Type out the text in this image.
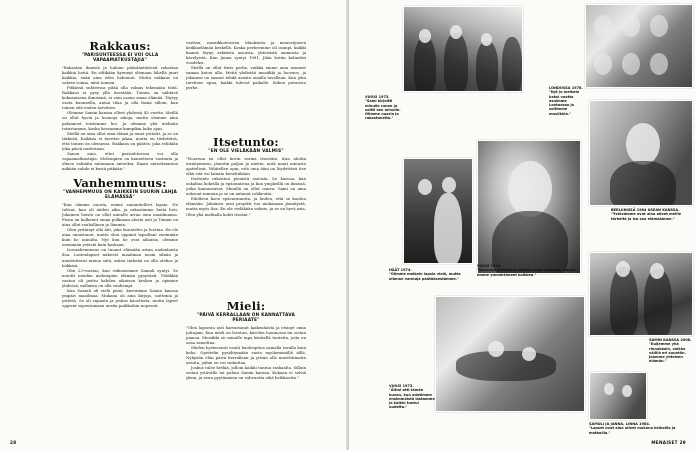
Rakkaus:
"PARISUHTEESSA EI VOI OLLA VAPAAMATKUSTAJIA"

"Rakastan ihmisiä ja haluan pääsääntöisesti rakastaa kaikkia heitä. En siltikään kyennyt olemaan lähellä juuri kaikkia, enkä aina edes halunnut. Mutta rakkaus on vahvin voima, mitä tunnen.

Pitkässä suhteessa pitää olla valmis tekemään töitä. Rakkaus ei pysy yllä itsestään. Toinen on nähtävä kokonaisena ihmisenä, ei vain osana omaa elämää. Täytyy osata kuunnella, antaa tilaa ja olla läsnä silloin, kun toinen sitä eniten tarvitsee.

Olemme Samin kanssa olleet yhdessä 45 vuotta. Meillä on ollut hyviä ja huonoja aikoja, mutta olemme aina palanneet toistemme luo. Ja olemme yhä uteliaita toisistamme, koska kasvamme kumpikin koko ajan.

Meillä on aina ollut oma elämä ja omat ystävät, ja se on tärkeää. Kaikkea ei tarvitse jakaa, mutta on tiedettävä, että toinen on olemassa. Rakkaus on päätös, joka tehdään joka päivä uudestaan.

Sanon aina, ettei parisuhteessa voi olla vapaamatkustajia. Molempien on kannettava vastuuta ja oltava valmiita antamaan anteeksi. Ilman anteeksiantoa mikään suhde ei kestä pitkään."

Vanhemmuus:
"VANHEMMUUS ON KAIKKEIN SUURIN LAHJA ELÄMÄSSÄ"

"Kun olimme nuoria, emme suunnitelleet lapsia. Ne tulivat, kun oli niiden aika, ja rakastimme heitä heti. Jokainen heistä on ollut minulle aivan oma maailmansa. Fiona on kulkenut omaa polkuaan alusta asti ja Tommi on aina ollut rauhallinen ja lämmin.

Olen yrittänyt olla äiti, joka kuuntelee ja luottaa. En ole aina onnistunut, mutta olen oppinut lapsiltani enemmän kuin he minulta. Nyt kun he ovat aikuisia, olemme enemmän ystäviä kuin koskaan.

Isovanhemmuus on tuonut elämään aivan uudenlaista iloa. Lastenlapset näkevät maailman uusin silmin ja muistuttavat minua siitä, miten tärkeää on olla utelias ja leikkisä.

Olin 23-vuotias, kun esikoisemme Samuli syntyi. Se muutti meidän molempien elämän pysyvästi. Yhtäkkiä vastuu oli jaettu kahden aikuisen kesken ja opimme yhdessä, millaista on olla vanhempi.

Kun Samuli oli vielä pieni, kiersimme Samin kanssa ympäri maailmaa. Mukana oli aina kirjoja, soittimia ja ystäviä. Se oli vapaata ja joskus kaoottista, mutta lapset oppivat sopeutumaan uusiin paikkoihin nopeasti.

vartten, musiikkoteosten tilauksista ja menestyneen keikkaelämän keskellä. Koska perheemme oli isompi, kaikki kaunis löytyi arkisista asioista, yhteisistä aamuista ja kävelyistä. Kun Janna syntyi 1981, Jään kotiin kolmeksi vuodeksi.

Meillä on ollut tiivis perhe, vaikka emme aina asuneet saman katon alla. Meitä yhdistää musiikki ja luovuus, ja jokainen on saanut tehdä asioita omalla tavallaan. Kun joku tarvitsee apua, kaikki tulevat paikalle. Siihen perustuu perhe.

Itsetunto:
"EN OLE VIELÄKÄÄN VALMIS"

"Nuorena en ollut kovin varma itsestäni. Kun aloitin esiintymisen, jännitin paljon ja mietin, mitä muut minusta ajattelivat. Vähitellen opin, että oma ääni on löydettävä itse eikä sitä voi lainata keneltäkään.

Itsetunto rakentuu pienistä asioista. Se kasvaa, kun uskaltaa kokeilla ja epäonnistua ja kun ympärillä on ihmisiä, jotka kannustavat. Minulla on ollut onnea: Sami on aina uskonut minuun ja se on antanut rohkeutta.

Edelleen koen epävarmuutta, ja luulen, että se kuuluu elämään. Jokainen uusi projekti tuo mukanaan jännitystä, mutta myös iloa. En ole vieläkään valmis, ja se on hyvä asia. Olen yhä matkalla kohti itseäni."

Mieli:
"PÄIVÄ KERRALLAAN ON KANNATTAVA PERIAATE"

"Olen lapsesta asti harrastanut kaikenlaista ja etsinyt omia juttujani. Kun mieli on levoton, kävelen luonnossa tai soitan pianoa. Musiikki on minulle tapa käsitellä tunteita, joita en osaa sanoittaa.

Mielen hyvinvointi vaatii huolenpitoa samalla tavalla kuin keho. Opettelin pysähtymään vasta myöhemmällä iällä. Nykyään elän päivä kerrallaan ja yritän olla murehtimatta asioita, joihin en voi vaikuttaa.

Joskus tulee hetkiä, jolloin kaikki tuntuu raskaalta. Silloin soitan ystävälle tai puhun Samin kanssa. Kukaan ei selviä yksin, ja avun pyytäminen on vahvuutta eikä heikkoutta."

28
VUOSI 1973.
"Sami kirjoitti minulle runon ja soitti sen minulle. Olimme nuoria ja rakastuneita."
LONDOSSA 1978.
"Nyt jo melkein kaksi vuotta asuimme Lontoossa ja soitimme musiikkia."
BERLIINISSÄ 1984 USEAN KANSSA.
"Ystävämme ovat aina olleet meille tärkeitä ja iso osa elämäämme."
HÄÄT 1974.
"Olimme melkein lapsia vielä, mutta olimme varmoja päätöksestämme."
VUOSI 1974.
"Nuorena perheessä olimme aina yhdessä, vaikka emme ymmärtäneet kaikkea."
SAMIN KANSSA 2008.
"Kuljemme yhä rinnakkain, vaikka välillä eri suuntiin. Jaamme yhteisen elämän."
VUOSI 1973.
"Äitini otti tämän kuvan, kun odotimme ensimmäistä lastamme ja kaikki tuntui uudelta."
SAMULI JA JANNA, LINNA 1984.
"Lapset ovat aina olleet mukana keikoilla ja matkoilla."
MENAISET 29
